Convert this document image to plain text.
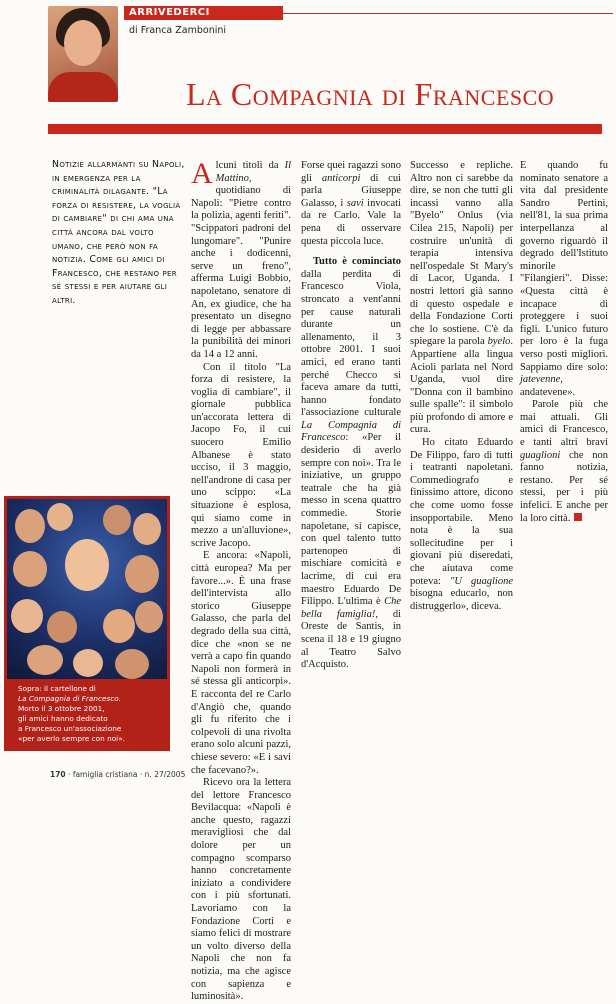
ARRIVEDERCI
di Franca Zambonini
La Compagnia di Francesco
Notizie allarmanti su Napoli, in emergenza per la criminalità dilagante. "La forza di resistere, la voglia di cambiare" di chi ama una città ancora dal volto umano, che però non fa notizia. Come gli amici di Francesco, che restano per sé stessi e per aiutare gli altri.
Sopra: il cartellone di
La Compagnia di Francesco.
Morto il 3 ottobre 2001,
gli amici hanno dedicato
a Francesco un'associazione
«per averlo sempre con noi».

Alcuni titoli da Il Mattino, quotidiano di Napoli: "Pietre contro la polizia, agenti feriti". "Scippatori padroni del lungomare". "Punire anche i dodicenni, serve un freno", afferma Luigi Bobbio, napoletano, senatore di An, ex giudice, che ha presentato un disegno di legge per abbassare la punibilità dei minori da 14 a 12 anni.

Con il titolo "La forza di resistere, la voglia di cambiare", il giornale pubblica un'accorata lettera di Jacopo Fo, il cui suocero Emilio Albanese è stato ucciso, il 3 maggio, nell'androne di casa per uno scippo: «La situazione è esplosa, qui siamo come in mezzo a un'alluvione», scrive Jacopo.

E ancora: «Napoli, città europea? Ma per favore...». È una frase dell'intervista allo storico Giuseppe Galasso, che parla del degrado della sua città, dice che «non se ne verrà a capo fin quando Napoli non formerà in sé stessa gli anticorpi». E racconta del re Carlo d'Angiò che, quando gli fu riferito che i colpevoli di una rivolta erano solo alcuni pazzi, chiese severo: «E i savi che facevano?».

Ricevo ora la lettera del lettore Francesco Bevilacqua: «Napoli è anche questo, ragazzi meravigliosi che dal dolore per un compagno scomparso hanno concretamente iniziato a condividere con i più sfortunati. Lavoriamo con la Fondazione Corti e siamo felici di mostrare un volto diverso della Napoli che non fa notizia, ma che agisce con sapienza e luminosità».

Forse quei ragazzi sono gli anticorpi di cui parla Giuseppe Galasso, i savi invocati da re Carlo. Vale la pena di osservare questa piccola luce.

Tutto è cominciato dalla perdita di Francesco Viola, stroncato a vent'anni per cause naturali durante un allenamento, il 3 ottobre 2001. I suoi amici, ed erano tanti perché Checco si faceva amare da tutti, hanno fondato l'associazione culturale La Compagnia di Francesco: «Per il desiderio di averlo sempre con noi». Tra le iniziative, un gruppo teatrale che ha già messo in scena quattro commedie. Storie napoletane, si capisce, con quel talento tutto partenopeo di mischiare comicità e lacrime, di cui era maestro Eduardo De Filippo. L'ultima è Che bella famiglia!, di Oreste de Santis, in scena il 18 e 19 giugno al Teatro Salvo d'Acquisto.

Successo e repliche. Altro non ci sarebbe da dire, se non che tutti gli incassi vanno alla "Byelo" Onlus (via Cilea 215, Napoli) per costruire un'unità di terapia intensiva nell'ospedale St Mary's di Lacor, Uganda. I nostri lettori già sanno di questo ospedale e della Fondazione Corti che lo sostiene. C'è da spiegare la parola byelo. Appartiene alla lingua Acioli parlata nel Nord Uganda, vuol dire "Donna con il bambino sulle spalle": il simbolo più profondo di amore e cura.

Ho citato Eduardo De Filippo, faro di tutti i teatranti napoletani. Commediografo e finissimo attore, dicono che come uomo fosse insopportabile. Meno nota è la sua sollecitudine per i giovani più diseredati, che aiutava come poteva: "U guaglione bisogna educarlo, non distruggerlo», diceva.

E quando fu nominato senatore a vita dal presidente Sandro Pertini, nell'81, la sua prima interpellanza al governo riguardò il degrado dell'Istituto minorile "Filangieri". Disse: «Questa città è incapace di proteggere i suoi figli. L'unico futuro per loro è la fuga verso posti migliori. Sappiamo dire solo: jatevenne, andatevene».

Parole più che mai attuali. Gli amici di Francesco, e tanti altri bravi guaglioni che non fanno notizia, restano. Per sé stessi, per i più infelici. E anche per la loro città.

170 · famiglia cristiana · n. 27/2005
